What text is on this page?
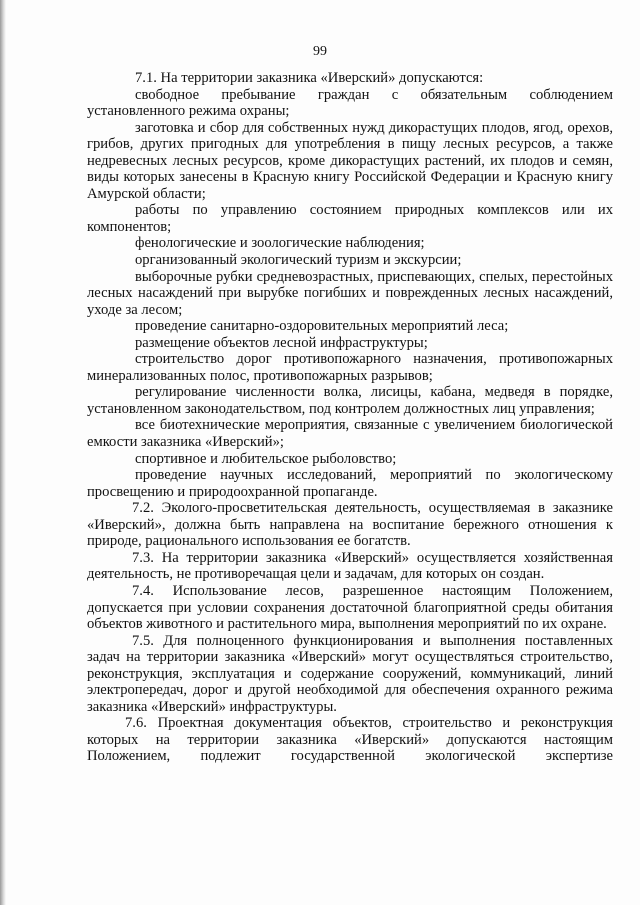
99
7.1. На территории заказника «Иверский» допускаются:
свободное пребывание граждан с обязательным соблюдением установленного режима охраны;
заготовка и сбор для собственных нужд дикорастущих плодов, ягод, орехов, грибов, других пригодных для употребления в пищу лесных ресурсов, а также недревесных лесных ресурсов, кроме дикорастущих растений, их плодов и семян, виды которых занесены в Красную книгу Российской Федерации и Красную книгу Амурской области;
работы по управлению состоянием природных комплексов или их компонентов;
фенологические и зоологические наблюдения;
организованный экологический туризм и экскурсии;
выборочные рубки средневозрастных, приспевающих, спелых, перестойных лесных насаждений при вырубке погибших и поврежденных лесных насаждений, уходе за лесом;
проведение санитарно-оздоровительных мероприятий леса;
размещение объектов лесной инфраструктуры;
строительство дорог противопожарного назначения, противопожарных минерализованных полос, противопожарных разрывов;
регулирование численности волка, лисицы, кабана, медведя в порядке, установленном законодательством, под контролем должностных лиц управления;
все биотехнические мероприятия, связанные с увеличением биологической емкости заказника «Иверский»;
спортивное и любительское рыболовство;
проведение научных исследований, мероприятий по экологическому просвещению и природоохранной пропаганде.
7.2. Эколого-просветительская деятельность, осуществляемая в заказнике «Иверский», должна быть направлена на воспитание бережного отношения к природе, рационального использования ее богатств.
7.3. На территории заказника «Иверский» осуществляется хозяйственная деятельность, не противоречащая цели и задачам, для которых он создан.
7.4. Использование лесов, разрешенное настоящим Положением, допускается при условии сохранения достаточной благоприятной среды обитания объектов животного и растительного мира, выполнения мероприятий по их охране.
7.5. Для полноценного функционирования и выполнения поставленных задач на территории заказника «Иверский» могут осуществляться строительство, реконструкция, эксплуатация и содержание сооружений, коммуникаций, линий электропередач, дорог и другой необходимой для обеспечения охранного режима заказника «Иверский» инфраструктуры.
7.6. Проектная документация объектов, строительство и реконструкция которых на территории заказника «Иверский» допускаются настоящим Положением, подлежит государственной экологической экспертизе
